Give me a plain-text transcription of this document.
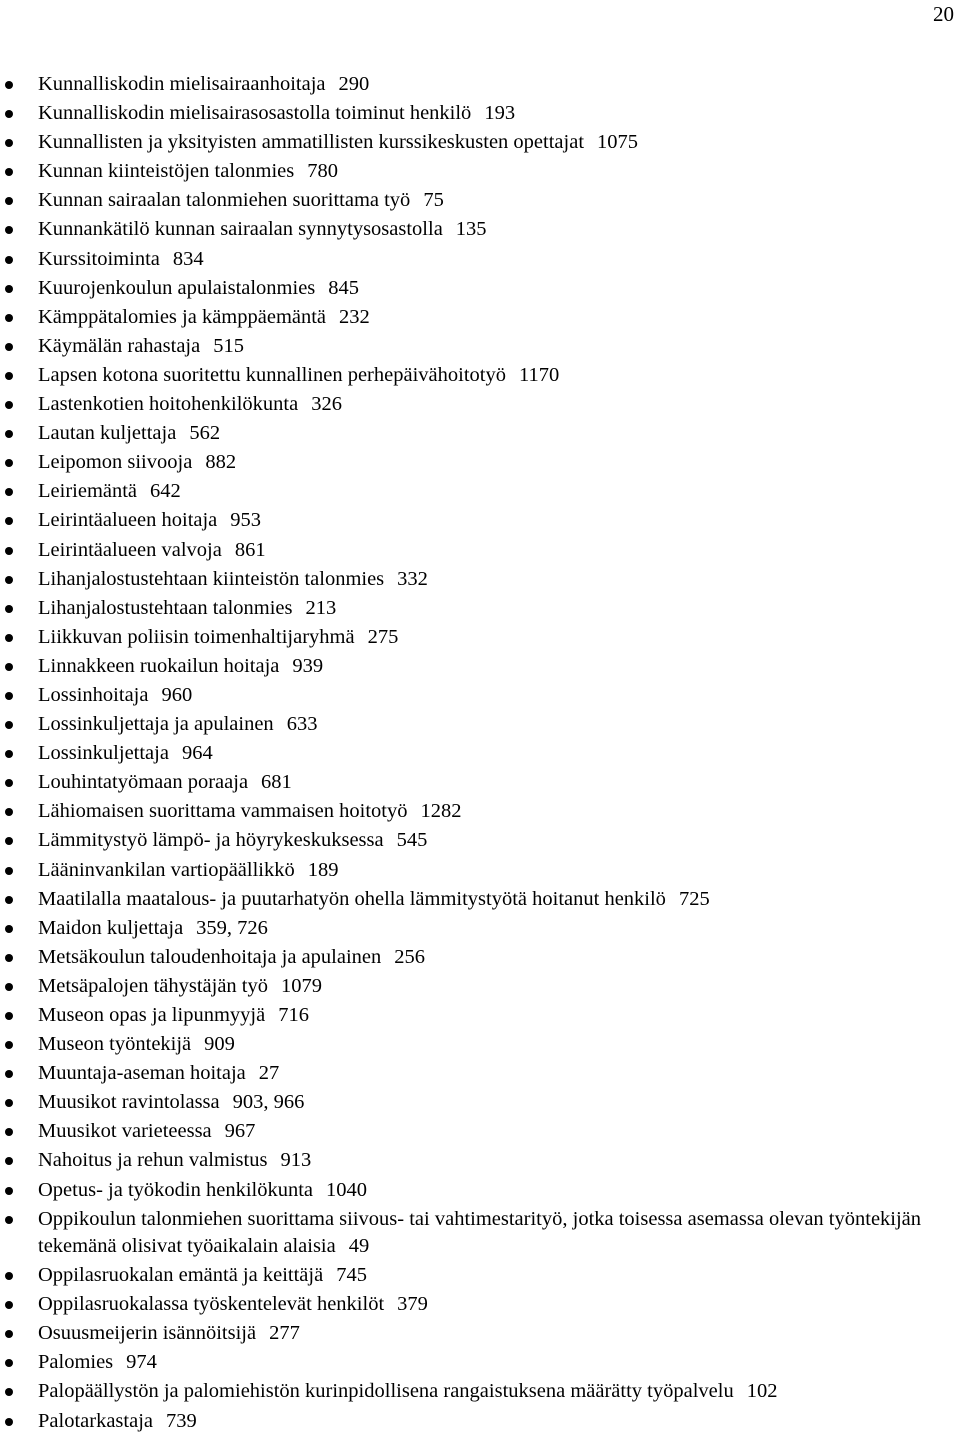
20
Kunnalliskodin mielisairaanhoitaja 290
Kunnalliskodin mielisairasosastolla toiminut henkilö 193
Kunnallisten ja yksityisten ammatillisten kurssikeskusten opettajat 1075
Kunnan kiinteistöjen talonmies 780
Kunnan sairaalan talonmiehen suorittama työ 75
Kunnankätilö kunnan sairaalan synnytysosastolla 135
Kurssitoiminta 834
Kuurojenkoulun apulaistalonmies 845
Kämppätalomies ja kämppäemäntä 232
Käymälän rahastaja 515
Lapsen kotona suoritettu kunnallinen perhepäivähoitotyö 1170
Lastenkotien hoitohenkilökunta 326
Lautan kuljettaja 562
Leipomon siivooja 882
Leiriemäntä 642
Leirintäalueen hoitaja 953
Leirintäalueen valvoja 861
Lihanjalostustehtaan kiinteistön talonmies 332
Lihanjalostustehtaan talonmies 213
Liikkuvan poliisin toimenhaltijaryhmä 275
Linnakkeen ruokailun hoitaja 939
Lossinhoitaja 960
Lossinkuljettaja ja apulainen 633
Lossinkuljettaja 964
Louhintatyömaan poraaja 681
Lähiomaisen suorittama vammaisen hoitotyö 1282
Lämmitystyö lämpö- ja höyrykeskuksessa 545
Lääninvankilan vartiopäällikkö 189
Maatilalla maatalous- ja puutarhatyön ohella lämmitystyötä hoitanut henkilö 725
Maidon kuljettaja 359, 726
Metsäkoulun taloudenhoitaja ja apulainen 256
Metsäpalojen tähystäjän työ 1079
Museon opas ja lipunmyyjä 716
Museon työntekijä 909
Muuntaja-aseman hoitaja 27
Muusikot ravintolassa 903, 966
Muusikot varieteessa 967
Nahoitus ja rehun valmistus 913
Opetus- ja työkodin henkilökunta 1040
Oppikoulun talonmiehen suorittama siivous- tai vahtimestarityö, jotka toisessa asemassa olevan työntekijän tekemänä olisivat työaikalain alaisia 49
Oppilasruokalan emäntä ja keittäjä 745
Oppilasruokalassa työskentelevät henkilöt 379
Osuusmeijerin isännöitsijä 277
Palomies 974
Palopäällystön ja palomiehistön kurinpidollisena rangaistuksena määrätty työpalvelu 102
Palotarkastaja 739
